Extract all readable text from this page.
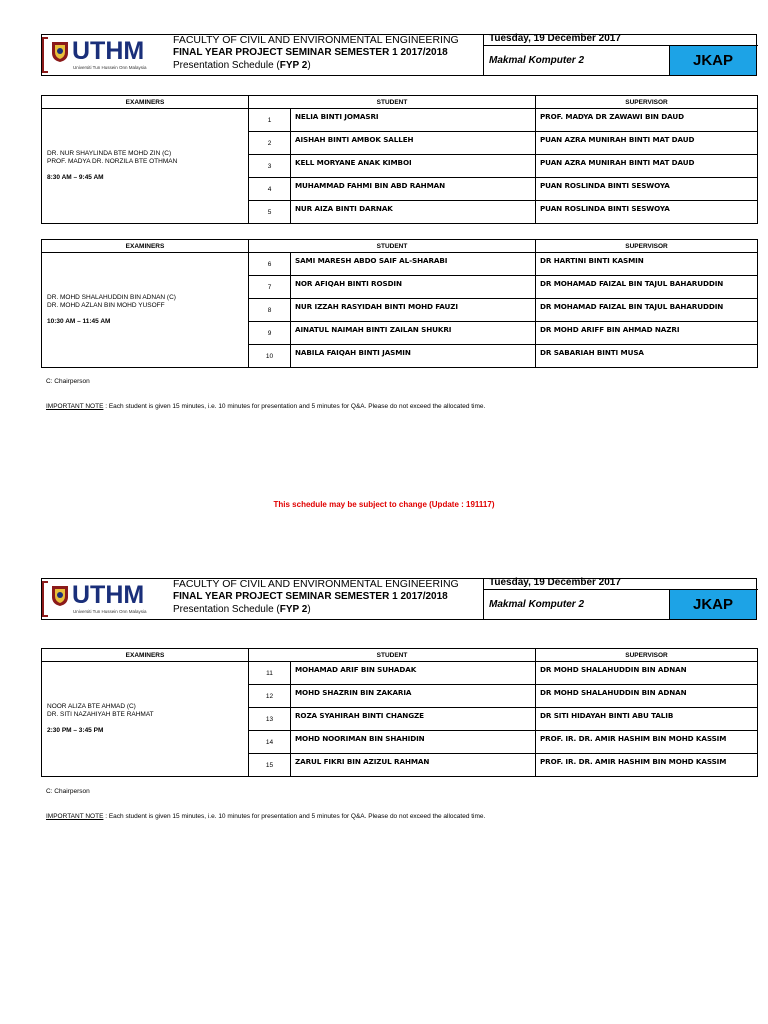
UTHM
Universiti Tun Hussein Onn Malaysia
FACULTY OF CIVIL AND ENVIRONMENTAL ENGINEERING
FINAL YEAR PROJECT SEMINAR SEMESTER 1 2017/2018
Presentation Schedule (FYP 2)
Tuesday, 19 December 2017
Makmal Komputer 2	JKAP
EXAMINERS	STUDENT		SUPERVISOR

DR. NUR SHAYLINDA BTE MOHD ZIN (C)
PROF. MADYA DR. NORZILA BTE OTHMAN
8:30 AM – 9:45 AM	1	NELIA BINTI JOMASRI	PROF. MADYA DR ZAWAWI BIN DAUD
	2	AISHAH BINTI AMBOK SALLEH	PUAN AZRA MUNIRAH BINTI MAT DAUD
	3	KELL MORYANE ANAK KIMBOI	PUAN AZRA MUNIRAH BINTI MAT DAUD
	4	MUHAMMAD FAHMI BIN ABD RAHMAN	PUAN ROSLINDA BINTI SESWOYA
	5	NUR AIZA BINTI DARNAK	PUAN ROSLINDA BINTI SESWOYA
EXAMINERS	STUDENT		SUPERVISOR

DR. MOHD SHALAHUDDIN BIN ADNAN (C)
DR. MOHD AZLAN BIN MOHD YUSOFF
10:30 AM – 11:45 AM	6	SAMI MARESH ABDO SAIF AL-SHARABI	DR HARTINI BINTI KASMIN
	7	NOR AFIQAH BINTI ROSDIN	DR MOHAMAD FAIZAL BIN TAJUL BAHARUDDIN
	8	NUR IZZAH RASYIDAH BINTI MOHD FAUZI	DR MOHAMAD FAIZAL BIN TAJUL BAHARUDDIN
	9	AINATUL NAIMAH BINTI ZAILAN SHUKRI	DR MOHD ARIFF BIN AHMAD NAZRI
	10	NABILA FAIQAH BINTI JASMIN	DR SABARIAH BINTI MUSA
C: Chairperson
IMPORTANT NOTE : Each student is given 15 minutes, i.e. 10 minutes for presentation and 5 minutes for Q&A. Please do not exceed the allocated time.
This schedule may be subject to change (Update : 191117)
UTHM
Universiti Tun Hussein Onn Malaysia
FACULTY OF CIVIL AND ENVIRONMENTAL ENGINEERING
FINAL YEAR PROJECT SEMINAR SEMESTER 1 2017/2018
Presentation Schedule (FYP 2)
Tuesday, 19 December 2017
Makmal Komputer 2	JKAP
EXAMINERS	STUDENT		SUPERVISOR

NOOR ALIZA BTE AHMAD (C)
DR. SITI NAZAHIYAH BTE RAHMAT
2:30 PM – 3:45 PM	11	MOHAMAD ARIF BIN SUHADAK	DR MOHD SHALAHUDDIN BIN ADNAN
	12	MOHD SHAZRIN BIN ZAKARIA	DR MOHD SHALAHUDDIN BIN ADNAN
	13	ROZA SYAHIRAH BINTI CHANGZE	DR SITI HIDAYAH BINTI ABU TALIB
	14	MOHD NOORIMAN BIN SHAHIDIN	PROF. IR. DR. AMIR HASHIM BIN MOHD KASSIM
	15	ZARUL FIKRI BIN AZIZUL RAHMAN	PROF. IR. DR. AMIR HASHIM BIN MOHD KASSIM
C: Chairperson
IMPORTANT NOTE : Each student is given 15 minutes, i.e. 10 minutes for presentation and 5 minutes for Q&A. Please do not exceed the allocated time.
